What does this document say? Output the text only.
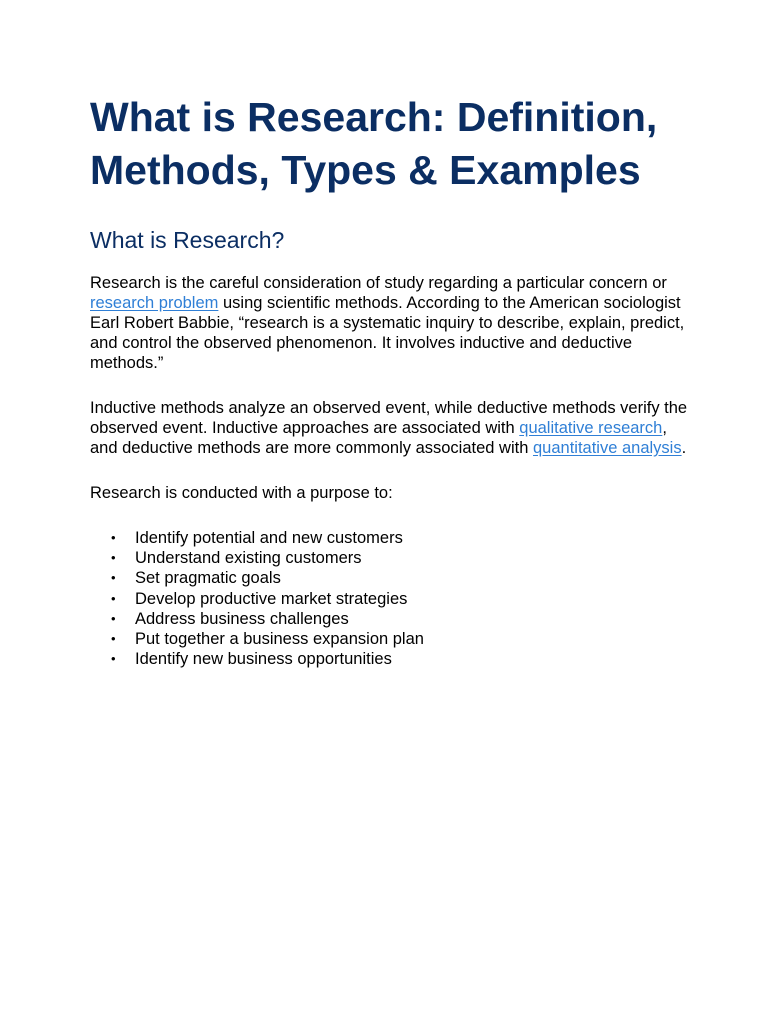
What is Research: Definition, Methods, Types & Examples
What is Research?

Research is the careful consideration of study regarding a particular concern or research problem using scientific methods. According to the American sociologist Earl Robert Babbie, “research is a systematic inquiry to describe, explain, predict, and control the observed phenomenon. It involves inductive and deductive methods.”

Inductive methods analyze an observed event, while deductive methods verify the observed event. Inductive approaches are associated with qualitative research, and deductive methods are more commonly associated with quantitative analysis.

Research is conducted with a purpose to:

• Identify potential and new customers
• Understand existing customers
• Set pragmatic goals
• Develop productive market strategies
• Address business challenges
• Put together a business expansion plan
• Identify new business opportunities
